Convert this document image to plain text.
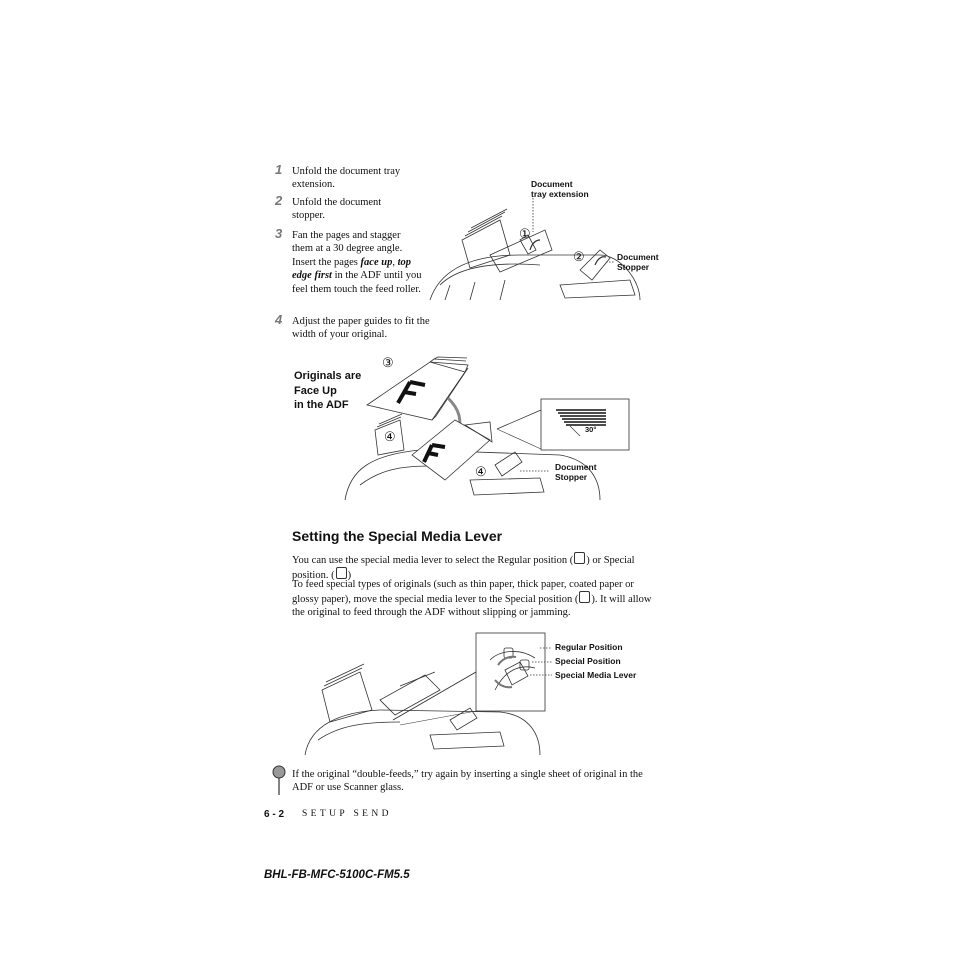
1 Unfold the document tray extension.
2 Unfold the document stopper.
3 Fan the pages and stagger them at a 30 degree angle. Insert the pages face up, top edge first in the ADF until you feel them touch the feed roller.
4 Adjust the paper guides to fit the width of your original.
Document
tray extension
Document
Stopper
①
②
Originals are
Face Up
in the ADF
③
④
④
30°
Document
Stopper
Setting the Special Media Lever
You can use the special media lever to select the Regular position ( ) or Special position. ( )
To feed special types of originals (such as thin paper, thick paper, coated paper or glossy paper), move the special media lever to the Special position ( ). It will allow the original to feed through the ADF without slipping or jamming.
Regular Position
Special Position
Special Media Lever
If the original “double-feeds,” try again by inserting a single sheet of original in the ADF or use Scanner glass.
6 - 2 SETUP SEND
BHL-FB-MFC-5100C-FM5.5
